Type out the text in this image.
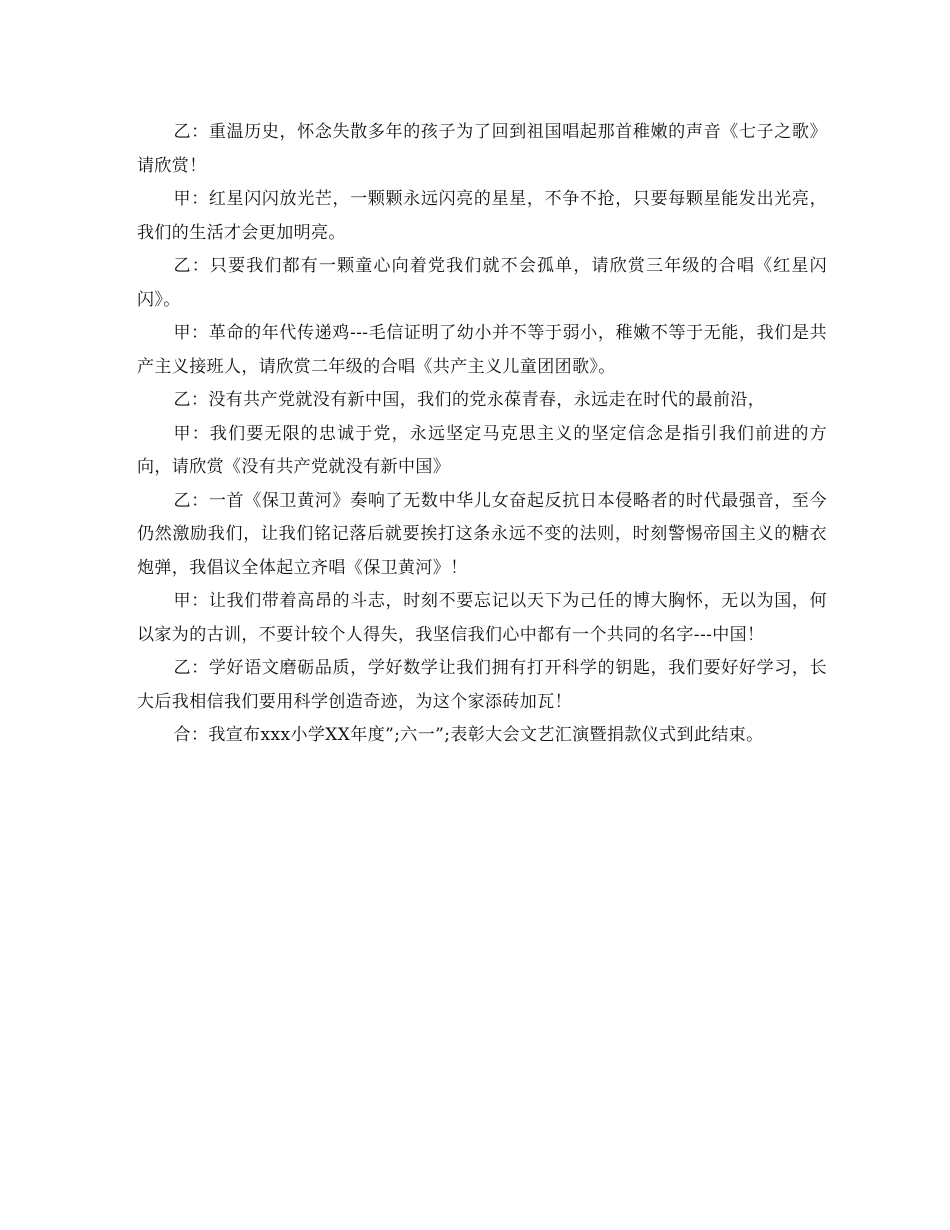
乙：重温历史，怀念失散多年的孩子为了回到祖国唱起那首稚嫩的声音《七子之歌》请欣赏！

甲：红星闪闪放光芒，一颗颗永远闪亮的星星，不争不抢，只要每颗星能发出光亮，我们的生活才会更加明亮。

乙：只要我们都有一颗童心向着党我们就不会孤单，请欣赏三年级的合唱《红星闪闪》。

甲：革命的年代传递鸡---毛信证明了幼小并不等于弱小，稚嫩不等于无能，我们是共产主义接班人，请欣赏二年级的合唱《共产主义儿童团团歌》。

乙：没有共产党就没有新中国，我们的党永葆青春，永远走在时代的最前沿，

甲：我们要无限的忠诚于党，永远坚定马克思主义的坚定信念是指引我们前进的方向，请欣赏《没有共产党就没有新中国》

乙：一首《保卫黄河》奏响了无数中华儿女奋起反抗日本侵略者的时代最强音，至今仍然激励我们，让我们铭记落后就要挨打这条永远不变的法则，时刻警惕帝国主义的糖衣炮弹，我倡议全体起立齐唱《保卫黄河》！

甲：让我们带着高昂的斗志，时刻不要忘记以天下为己任的博大胸怀，无以为国，何以家为的古训，不要计较个人得失，我坚信我们心中都有一个共同的名字---中国！

乙：学好语文磨砺品质，学好数学让我们拥有打开科学的钥匙，我们要好好学习，长大后我相信我们要用科学创造奇迹，为这个家添砖加瓦！

合：我宣布xxx小学XX年度”;六一”;表彰大会文艺汇演暨捐款仪式到此结束。
